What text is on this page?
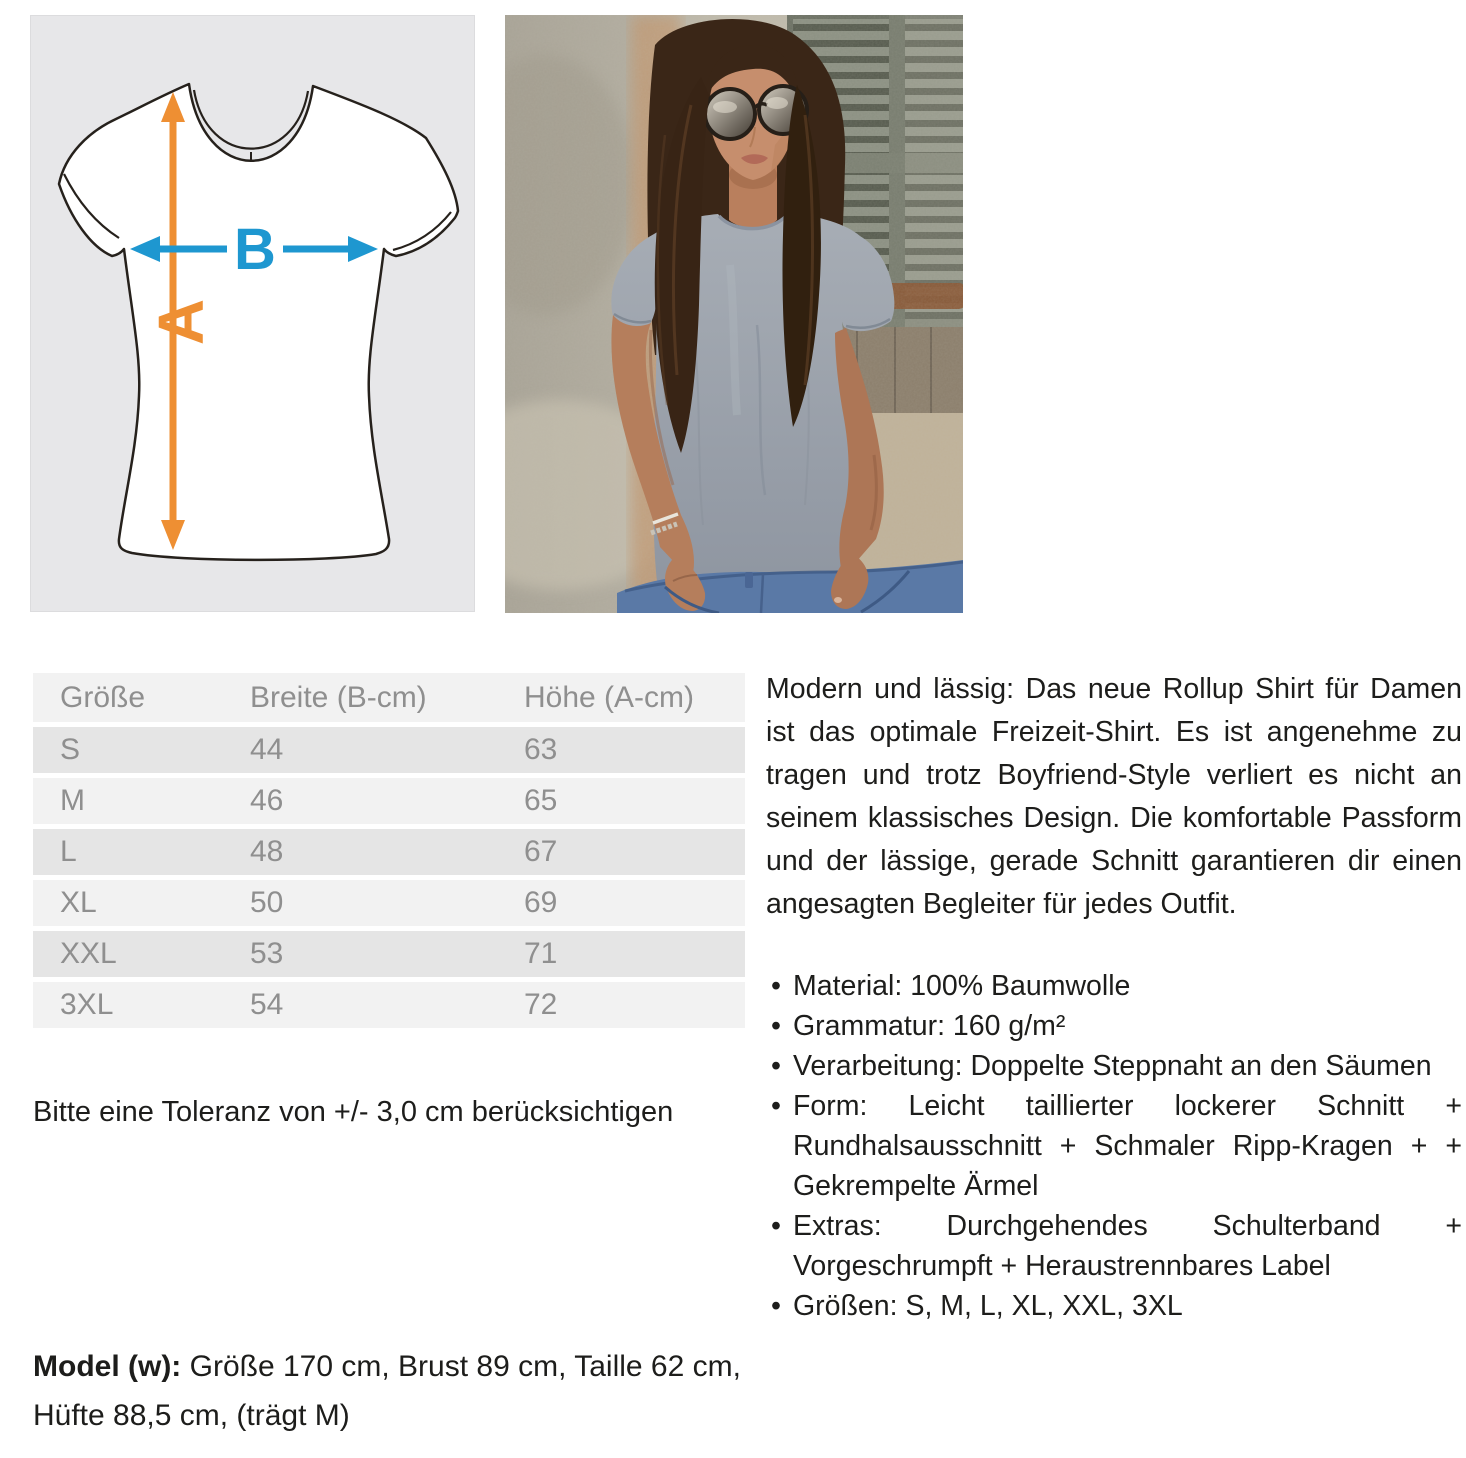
A
B
Größe	Breite (B-cm)	Höhe (A-cm)
S	44	63
M	46	65
L	48	67
XL	50	69
XXL	53	71
3XL	54	72
Bitte eine Toleranz von +/- 3,0 cm berücksichtigen

Modern und lässig: Das neue Rollup Shirt für Damen ist das optimale Freizeit-Shirt. Es ist angenehme zu tragen und trotz Boyfriend-Style verliert es nicht an seinem klassisches Design. Die komfortable Passform und der lässige, gerade Schnitt garantieren dir einen angesagten Begleiter für jedes Outfit.

• Material: 100% Baumwolle
• Grammatur: 160 g/m²
• Verarbeitung: Doppelte Steppnaht an den Säumen
• Form: Leicht taillierter lockerer Schnitt + Rundhalsausschnitt + Schmaler Ripp-Kragen + + Gekrempelte Ärmel
• Extras: Durchgehendes Schulterband + Vorgeschrumpft + Heraustrennbares Label
• Größen: S, M, L, XL, XXL, 3XL
Model (w): Größe 170 cm, Brust 89 cm, Taille 62 cm, Hüfte 88,5 cm, (trägt M)
